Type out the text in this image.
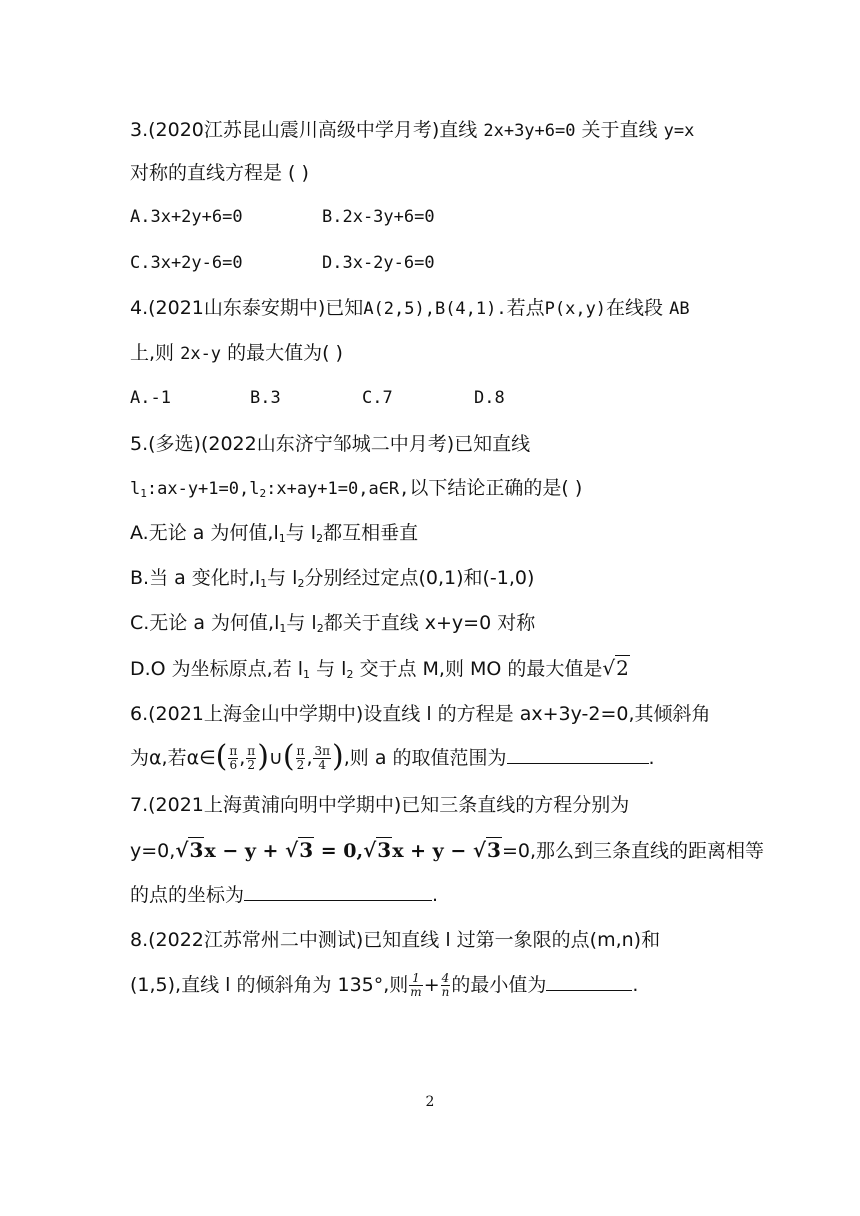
3.(2020江苏昆山震川高级中学月考)直线 2x+3y+6=0 关于直线 y=x
对称的直线方程是 ( )
A.3x+2y+6=0	B.2x-3y+6=0
C.3x+2y-6=0	D.3x-2y-6=0
4.(2021山东泰安期中)已知A(2,5),B(4,1).若点P(x,y)在线段 AB
上,则 2x-y 的最大值为( )
A.-1	B.3	C.7	D.8
5.(多选)(2022山东济宁邹城二中月考)已知直线
$l_1:ax-y+1=0,l_2:x+ay+1=0,a\in R$,以下结论正确的是( )
A.无论 a 为何值$,l_1$与 $l_2$都互相垂直
B.当 a 变化时$,l_1$与 $l_2$分别经过定点(0,1)和(-1,0)
C.无论 a 为何值$,l_1$与 $l_2$都关于直线 x+y=0 对称
D.O 为坐标原点,若 $l_1$ 与 $l_2$ 交于点 M,则 MO 的最大值是√2
6.(2021上海金山中学期中)设直线 l 的方程是 ax+3y-2=0,其倾斜角
为α,若α∈( $\frac{\pi}{6}$ , $\frac{\pi}{2}$ )∪( $\frac{\pi}{2}$ , $\frac{3\pi}{4}$ ),则 a 的取值范围为	.
7.(2021上海黄浦向明中学期中)已知三条直线的方程分别为
y=0,√3x − y + √3 = 0,√3x + y − √3=0,那么到三条直线的距离相等
的点的坐标为	.
8.(2022江苏常州二中测试)已知直线 l 过第一象限的点(m,n)和
(1,5),直线 l 的倾斜角为 135°,则 $\frac{1}{m} + \frac{4}{n}$ 的最小值为	.
2
